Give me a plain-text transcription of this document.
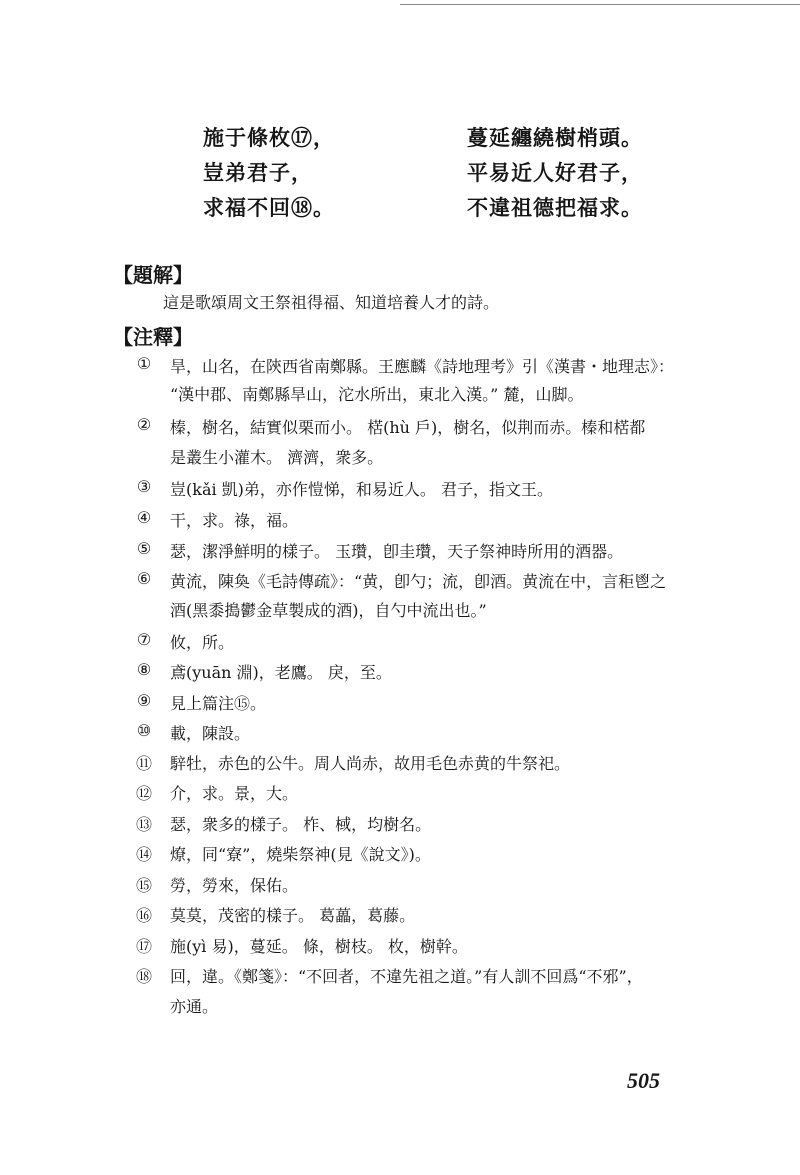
施于條枚⑰，	蔓延纏繞樹梢頭。
豈弟君子，	平易近人好君子，
求福不回⑱。	不違祖德把福求。
【題解】
這是歌頌周文王祭祖得福、知道培養人才的詩。
【注釋】
①	旱，山名，在陝西省南鄭縣。王應麟《詩地理考》引《漢書・地理志》：
“漢中郡、南鄭縣旱山，沱水所出，東北入漢。” 麓，山脚。
②	榛，樹名，結實似栗而小。 楛(hù 戶)，樹名，似荆而赤。榛和楛都
是叢生小灌木。 濟濟，衆多。
③	豈(kǎi 凱)弟，亦作愷悌，和易近人。 君子，指文王。
④	干，求。祿，福。
⑤	瑟，潔淨鮮明的樣子。 玉瓚，卽圭瓚，天子祭神時所用的酒器。
⑥	黄流，陳奐《毛詩傳疏》：“黄，卽勺；流，卽酒。黄流在中，言秬鬯之
酒(黑黍搗鬱金草製成的酒)，自勺中流出也。”
⑦	攸，所。
⑧	鳶(yuān 淵)，老鷹。 戾，至。
⑨	見上篇注⑮。
⑩	載，陳設。
⑪	騂牡，赤色的公牛。周人尚赤，故用毛色赤黄的牛祭祀。
⑫	介，求。景，大。
⑬	瑟，衆多的樣子。 柞、棫，均樹名。
⑭	燎，同“寮”，燒柴祭神(見《說文》)。
⑮	勞，勞來，保佑。
⑯	莫莫，茂密的樣子。 葛藟，葛藤。
⑰	施(yì 易)，蔓延。 條，樹枝。 枚，樹幹。
⑱	回，違。《鄭箋》：“不回者，不違先祖之道。”有人訓不回爲“不邪”，
亦通。
505
